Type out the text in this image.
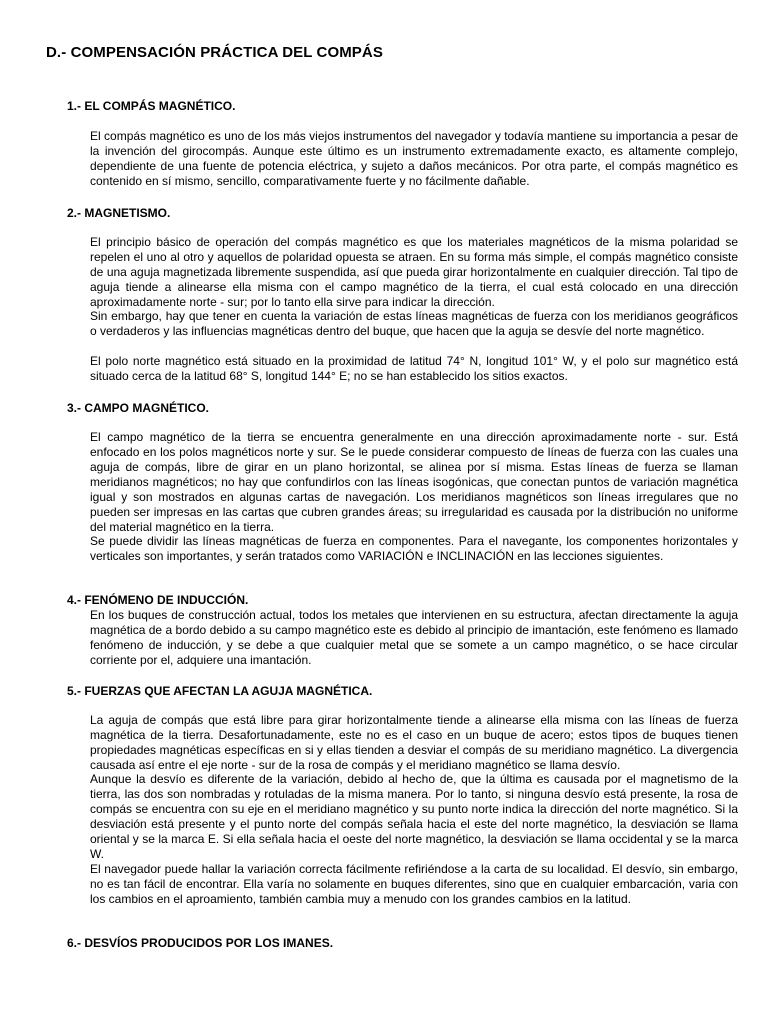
D.- COMPENSACIÓN PRÁCTICA DEL COMPÁS
1.- EL COMPÁS MAGNÉTICO.

El compás magnético es uno de los más viejos instrumentos del navegador y todavía mantiene su importancia a pesar de la invención del girocompás. Aunque este último es un instrumento extremadamente exacto, es altamente complejo, dependiente de una fuente de potencia eléctrica, y sujeto a daños mecánicos. Por otra parte, el compás magnético es contenido en sí mismo, sencillo, comparativamente fuerte y no fácilmente dañable.

2.- MAGNETISMO.

El principio básico de operación del compás magnético es que los materiales magnéticos de la misma polaridad se repelen el uno al otro y aquellos de polaridad opuesta se atraen. En su forma más simple, el compás magnético consiste de una aguja magnetizada libremente suspendida, así que pueda girar horizontalmente en cualquier dirección. Tal tipo de aguja tiende a alinearse ella misma con el campo magnético de la tierra, el cual está colocado en una dirección aproximadamente norte - sur; por lo tanto ella sirve para indicar la dirección.

Sin embargo, hay que tener en cuenta la variación de estas líneas magnéticas de fuerza con los meridianos geográficos o verdaderos y las influencias magnéticas dentro del buque, que hacen que la aguja se desvíe del norte magnético.

El polo norte magnético está situado en la proximidad de latitud 74° N, longitud 101° W, y el polo sur magnético está situado cerca de la latitud 68° S, longitud 144° E; no se han establecido los sitios exactos.

3.- CAMPO MAGNÉTICO.

El campo magnético de la tierra se encuentra generalmente en una dirección aproximadamente norte - sur. Está enfocado en los polos magnéticos norte y sur. Se le puede considerar compuesto de líneas de fuerza con las cuales una aguja de compás, libre de girar en un plano horizontal, se alinea por sí misma. Estas líneas de fuerza se llaman meridianos magnéticos; no hay que confundirlos con las líneas isogónicas, que conectan puntos de variación magnética igual y son mostrados en algunas cartas de navegación. Los meridianos magnéticos son líneas irregulares que no pueden ser impresas en las cartas que cubren grandes áreas; su irregularidad es causada por la distribución no uniforme del material magnético en la tierra.

Se puede dividir las líneas magnéticas de fuerza en componentes. Para el navegante, los componentes horizontales y verticales son importantes, y serán tratados como VARIACIÓN e INCLINACIÓN en las lecciones siguientes.

4.- FENÓMENO DE INDUCCIÓN.

En los buques de construcción actual, todos los metales que intervienen en su estructura, afectan directamente la aguja magnética de a bordo debido a su campo magnético este es debido al principio de imantación, este fenómeno es llamado fenómeno de inducción, y se debe a que cualquier metal que se somete a un campo magnético, o se hace circular corriente por el, adquiere una imantación.

5.- FUERZAS QUE AFECTAN LA AGUJA MAGNÉTICA.

La aguja de compás que está libre para girar horizontalmente tiende a alinearse ella misma con las líneas de fuerza magnética de la tierra. Desafortunadamente, este no es el caso en un buque de acero; estos tipos de buques tienen propiedades magnéticas específicas en si y ellas tienden a desviar el compás de su meridiano magnético. La divergencia causada así entre el eje norte - sur de la rosa de compás y el meridiano magnético se llama desvío.

Aunque la desvío es diferente de la variación, debido al hecho de, que la última es causada por el magnetismo de la tierra, las dos son nombradas y rotuladas de la misma manera. Por lo tanto, si ninguna desvío está presente, la rosa de compás se encuentra con su eje en el meridiano magnético y su punto norte indica la dirección del norte magnético. Si la desviación está presente y el punto norte del compás señala hacia el este del norte magnético, la desviación se llama oriental y se la marca E. Si ella señala hacia el oeste del norte magnético, la desviación se llama occidental y se la marca W.

El navegador puede hallar la variación correcta fácilmente refiriéndose a la carta de su localidad. El desvío, sin embargo, no es tan fácil de encontrar. Ella varía no solamente en buques diferentes, sino que en cualquier embarcación, varia con los cambios en el aproamiento, también cambia muy a menudo con los grandes cambios en la latitud.

6.- DESVÍOS PRODUCIDOS POR LOS IMANES.
